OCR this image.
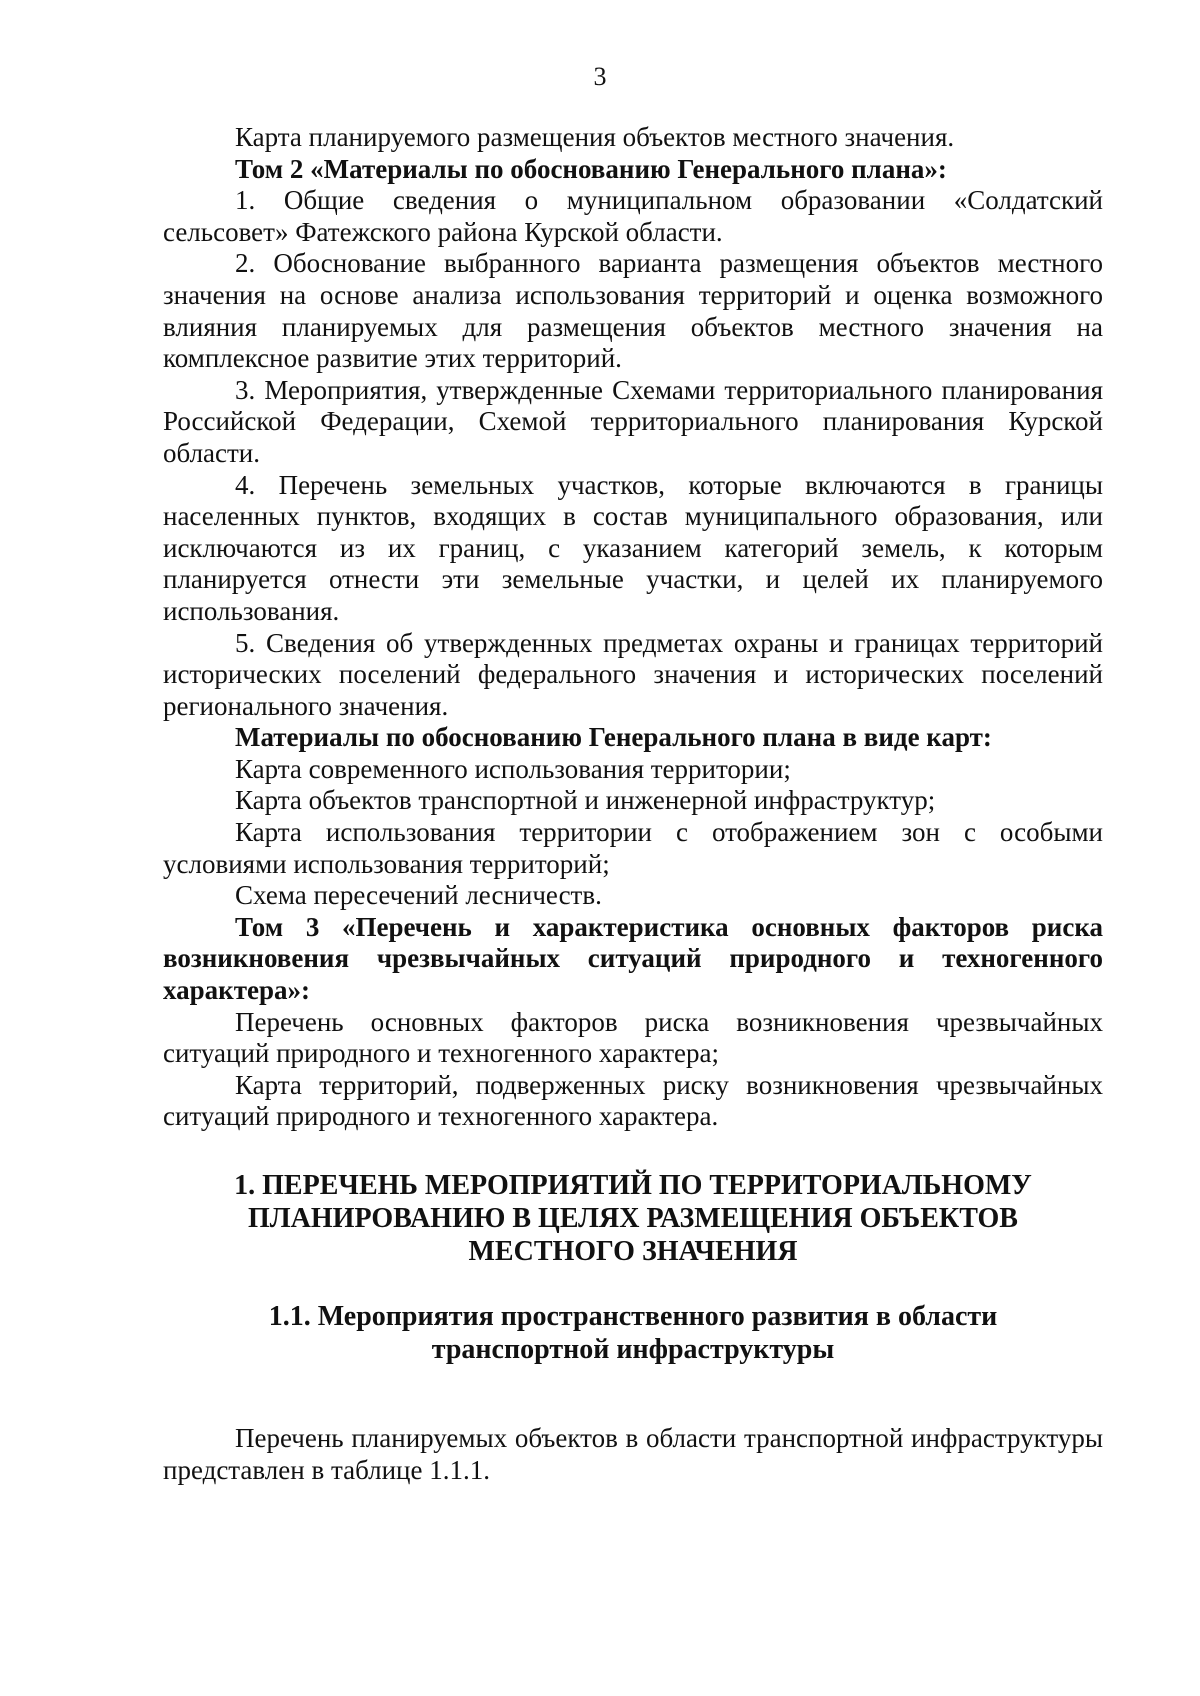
3

Карта планируемого размещения объектов местного значения.

Том 2 «Материалы по обоснованию Генерального плана»:

1. Общие сведения о муниципальном образовании «Солдатский сельсовет» Фатежского района Курской области.

2. Обоснование выбранного варианта размещения объектов местного значения на основе анализа использования территорий и оценка возможного влияния планируемых для размещения объектов местного значения на комплексное развитие этих территорий.

3. Мероприятия, утвержденные Схемами территориального планирования Российской Федерации, Схемой территориального планирования Курской области.

4. Перечень земельных участков, которые включаются в границы населенных пунктов, входящих в состав муниципального образования, или исключаются из их границ, с указанием категорий земель, к которым планируется отнести эти земельные участки, и целей их планируемого использования.

5. Сведения об утвержденных предметах охраны и границах территорий исторических поселений федерального значения и исторических поселений регионального значения.

Материалы по обоснованию Генерального плана в виде карт:

Карта современного использования территории;

Карта объектов транспортной и инженерной инфраструктур;

Карта использования территории с отображением зон с особыми условиями использования территорий;

Схема пересечений лесничеств.

Том 3 «Перечень и характеристика основных факторов риска возникновения чрезвычайных ситуаций природного и техногенного характера»:

Перечень основных факторов риска возникновения чрезвычайных ситуаций природного и техногенного характера;

Карта территорий, подверженных риску возникновения чрезвычайных ситуаций природного и техногенного характера.

1. ПЕРЕЧЕНЬ МЕРОПРИЯТИЙ ПО ТЕРРИТОРИАЛЬНОМУ
ПЛАНИРОВАНИЮ В ЦЕЛЯХ РАЗМЕЩЕНИЯ ОБЪЕКТОВ
МЕСТНОГО ЗНАЧЕНИЯ
1.1. Мероприятия пространственного развития в области
транспортной инфраструктуры

Перечень планируемых объектов в области транспортной инфраструктуры представлен в таблице 1.1.1.
